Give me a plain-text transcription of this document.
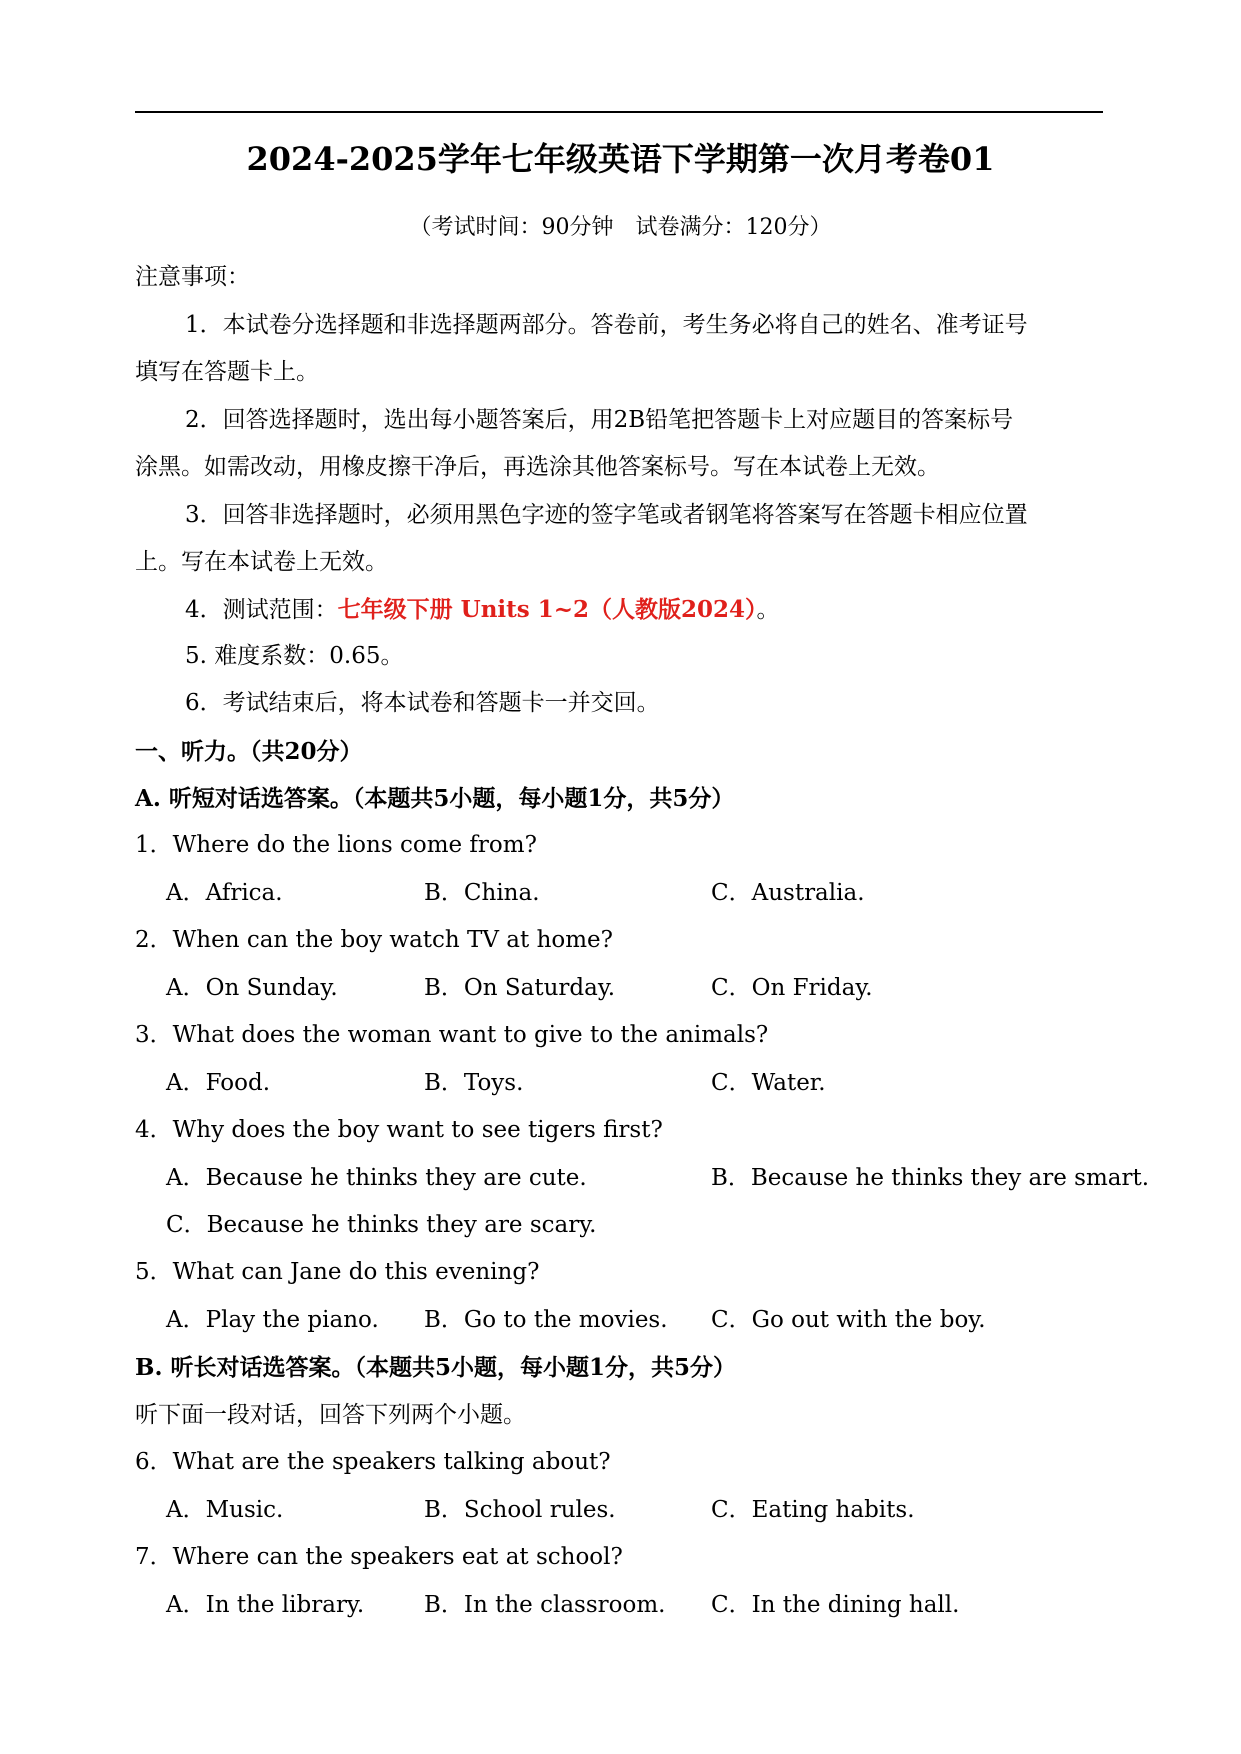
2024-2025学年七年级英语下学期第一次月考卷01
（考试时间：90分钟　试卷满分：120分）
注意事项：
1．本试卷分选择题和非选择题两部分。答卷前，考生务必将自己的姓名、准考证号
填写在答题卡上。
2．回答选择题时，选出每小题答案后，用2B铅笔把答题卡上对应题目的答案标号
涂黑。如需改动，用橡皮擦干净后，再选涂其他答案标号。写在本试卷上无效。
3．回答非选择题时，必须用黑色字迹的签字笔或者钢笔将答案写在答题卡相应位置
上。写在本试卷上无效。
4．测试范围：七年级下册 Units 1~2（人教版2024）。
5. 难度系数：0.65。
6．考试结束后，将本试卷和答题卡一并交回。
一、听力。（共20分）
A. 听短对话选答案。（本题共5小题，每小题1分，共5分）
1．Where do the lions come from?
A．Africa.	B．China.	C．Australia.
2．When can the boy watch TV at home?
A．On Sunday.	B．On Saturday.	C．On Friday.
3．What does the woman want to give to the animals?
A．Food.	B．Toys.	C．Water.
4．Why does the boy want to see tigers first?
A．Because he thinks they are cute.	B．Because he thinks they are smart.
C．Because he thinks they are scary.
5．What can Jane do this evening?
A．Play the piano. B．Go to the movies. C．Go out with the boy.
B. 听长对话选答案。（本题共5小题，每小题1分，共5分）
听下面一段对话，回答下列两个小题。
6．What are the speakers talking about?
A．Music.	B．School rules.	C．Eating habits.
7．Where can the speakers eat at school?
A．In the library.	B．In the classroom. C．In the dining hall.
